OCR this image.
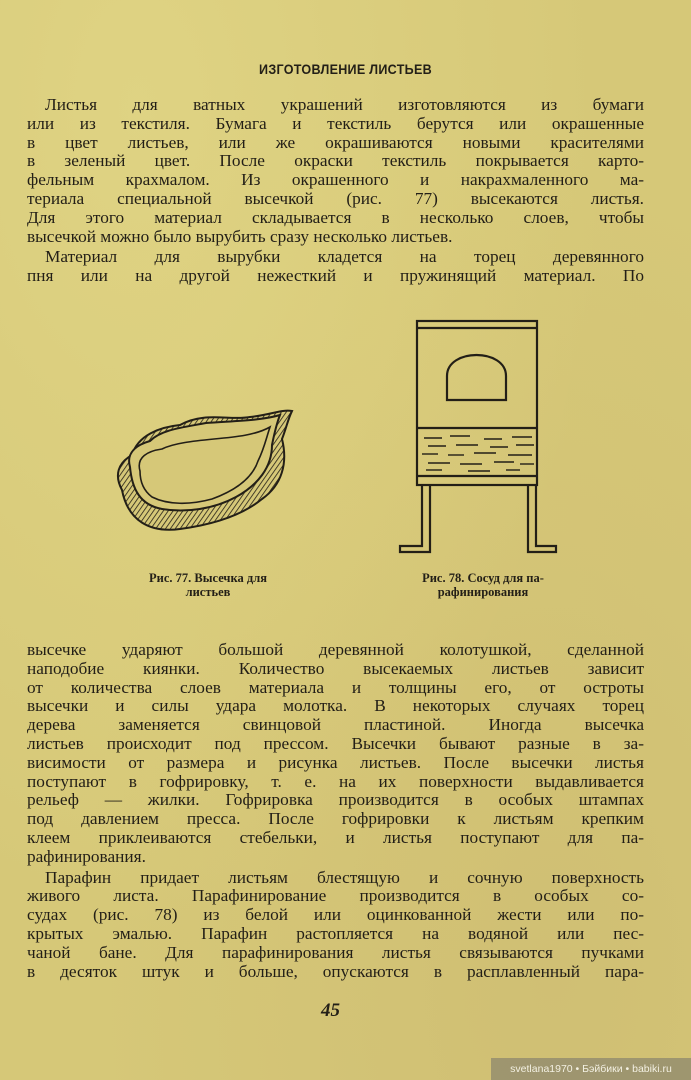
ИЗГОТОВЛЕНИЕ ЛИСТЬЕВ
Листья для ватных украшений изготовляются из бумаги
или из текстиля. Бумага и текстиль берутся или окрашенные
в цвет листьев, или же окрашиваются новыми красителями
в зеленый цвет. После окраски текстиль покрывается карто-
фельным крахмалом. Из окрашенного и накрахмаленного ма-
териала специальной высечкой (рис. 77) высекаются листья.
Для этого материал складывается в несколько слоев, чтобы
высечкой можно было вырубить сразу несколько листьев.
Материал для вырубки кладется на торец деревянного
пня или на другой нежесткий и пружинящий материал. По
Рис. 77. Высечка для
листьев
Рис. 78. Сосуд для па-
рафинирования
высечке ударяют большой деревянной колотушкой, сделанной
наподобие киянки. Количество высекаемых листьев зависит
от количества слоев материала и толщины его, от остроты
высечки и силы удара молотка. В некоторых случаях торец
дерева заменяется свинцовой пластиной. Иногда высечка
листьев происходит под прессом. Высечки бывают разные в за-
висимости от размера и рисунка листьев. После высечки листья
поступают в гофрировку, т. е. на их поверхности выдавливается
рельеф — жилки. Гофрировка производится в особых штампах
под давлением пресса. После гофрировки к листьям крепким
клеем приклеиваются стебельки, и листья поступают для па-
рафинирования.
Парафин придает листьям блестящую и сочную поверхность
живого листа. Парафинирование производится в особых со-
судах (рис. 78) из белой или оцинкованной жести или по-
крытых эмалью. Парафин растопляется на водяной или пес-
чаной бане. Для парафинирования листья связываются пучками
в десяток штук и больше, опускаются в расплавленный пара-
45
svetlana1970 • Бэйбики • babiki.ru
